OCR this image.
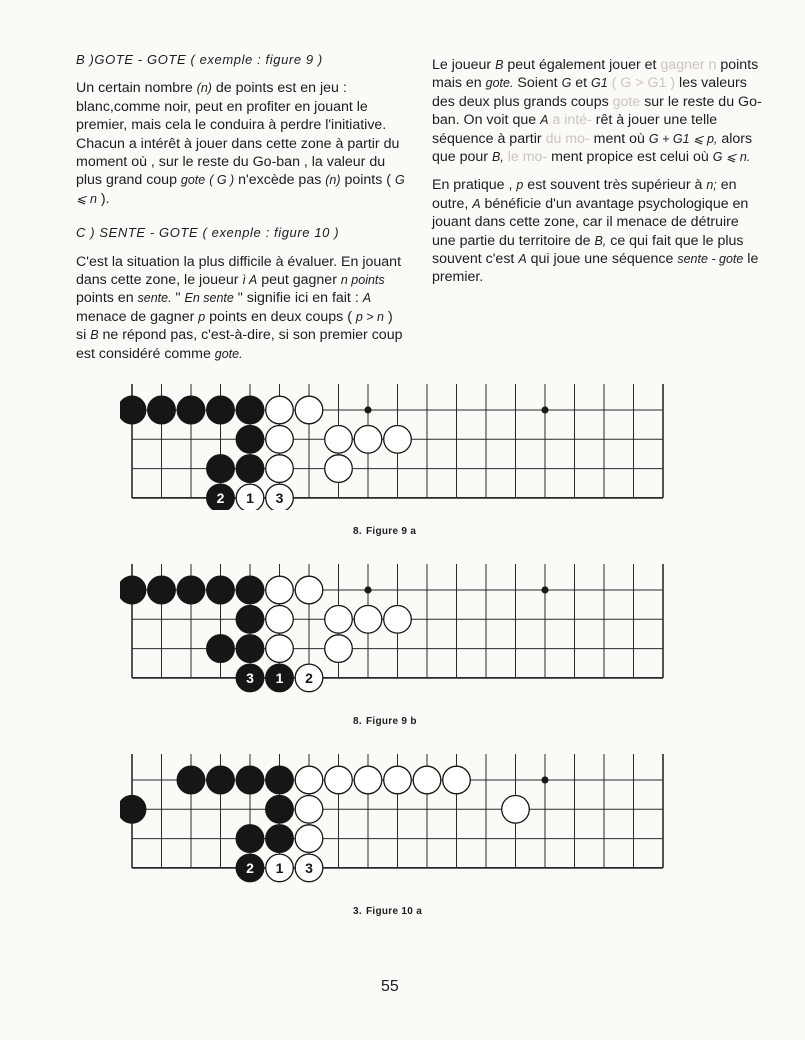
B )GOTE - GOTE ( exemple : figure 9 )

Un certain nombre (n) de points est en jeu : blanc,comme noir, peut en profiter en jouant le premier, mais cela le conduira à perdre l'initiative. Chacun a intérêt à jouer dans cette zone à partir du moment où , sur le reste du Go-ban , la valeur du plus grand coup gote ( G ) n'excède pas (n) points ( G ⩽ n ).

C ) SENTE - GOTE ( exenple : figure 10 )

C'est la situation la plus difficile à évaluer. En jouant dans cette zone, le joueur ì A peut gagner n points points en sente. " En sente " signifie ici en fait : A menace de gagner p points en deux coups ( p > n ) si B ne répond pas, c'est-à-dire, si son premier coup est considéré comme gote.

Le joueur B peut également jouer et gagner n points mais en gote. Soient G et G1 ( G > G1 ) les valeurs des deux plus grands coups gote sur le reste du Go-ban. On voit que A a inté- rêt à jouer une telle séquence à partir du mo- ment où G + G1 ⩽ p, alors que pour B, le mo- ment propice est celui où G ⩽ n.

En pratique , p est souvent très supérieur à n; en outre, A bénéficie d'un avantage psychologique en jouant dans cette zone, car il menace de détruire une partie du territoire de B, ce qui fait que le plus souvent c'est A qui joue une séquence sente - gote le premier.

2 1 3
8. Figure 9 a
3 1 2
8. Figure 9 b
2 1 3
3. Figure 10 a
55
